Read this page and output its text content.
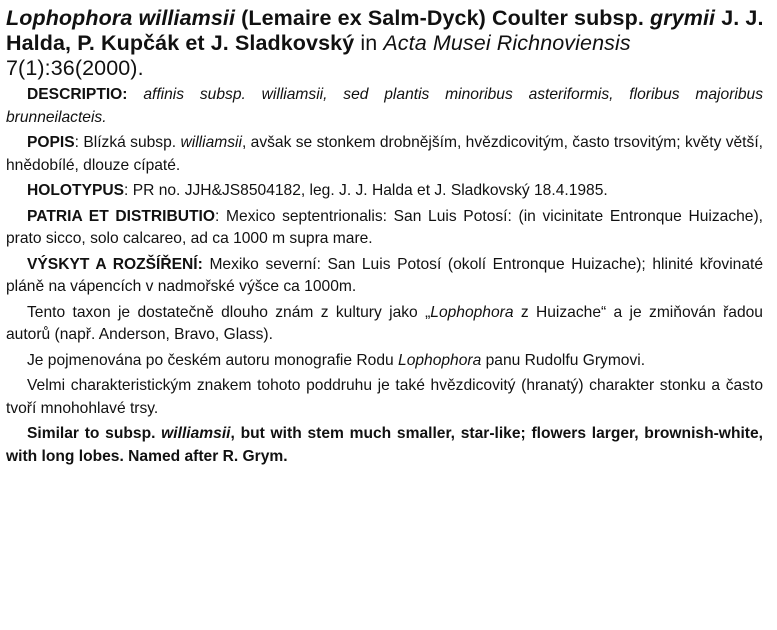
Lophophora williamsii (Lemaire ex Salm-Dyck) Coulter subsp. grymii J. J. Halda, P. Kupčák et J. Sladkovský in Acta Musei Richnoviensis 7(1):36(2000).

DESCRIPTIO: affinis subsp. williamsii, sed plantis minoribus asteriformis, floribus majoribus brunneilacteis.

POPIS: Blízká subsp. williamsii, avšak se stonkem drobnějším, hvězdicovitým, často trsovitým; květy větší, hnědobílé, dlouze cípaté.

HOLOTYPUS: PR no. JJH&JS8504182, leg. J. J. Halda et J. Sladkovský 18.4.1985.

PATRIA ET DISTRIBUTIO: Mexico septentrionalis: San Luis Potosí: (in vicinitate Entronque Huizache), prato sicco, solo calcareo, ad ca 1000 m supra mare.

VÝSKYT A ROZŠÍŘENÍ: Mexiko severní: San Luis Potosí (okolí Entronque Huizache); hlinité křovinaté pláně na vápencích v nadmořské výšce ca 1000m.

Tento taxon je dostatečně dlouho znám z kultury jako „Lophophora z Huizache“ a je zmiňován řadou autorů (např. Anderson, Bravo, Glass).

Je pojmenována po českém autoru monografie Rodu Lophophora panu Rudolfu Grymovi.

Velmi charakteristickým znakem tohoto poddruhu je také hvězdicovitý (hranatý) charakter stonku a často tvoří mnohohlavé trsy.

Similar to subsp. williamsii, but with stem much smaller, star-like; flowers larger, brownish-white, with long lobes. Named after R. Grym.
